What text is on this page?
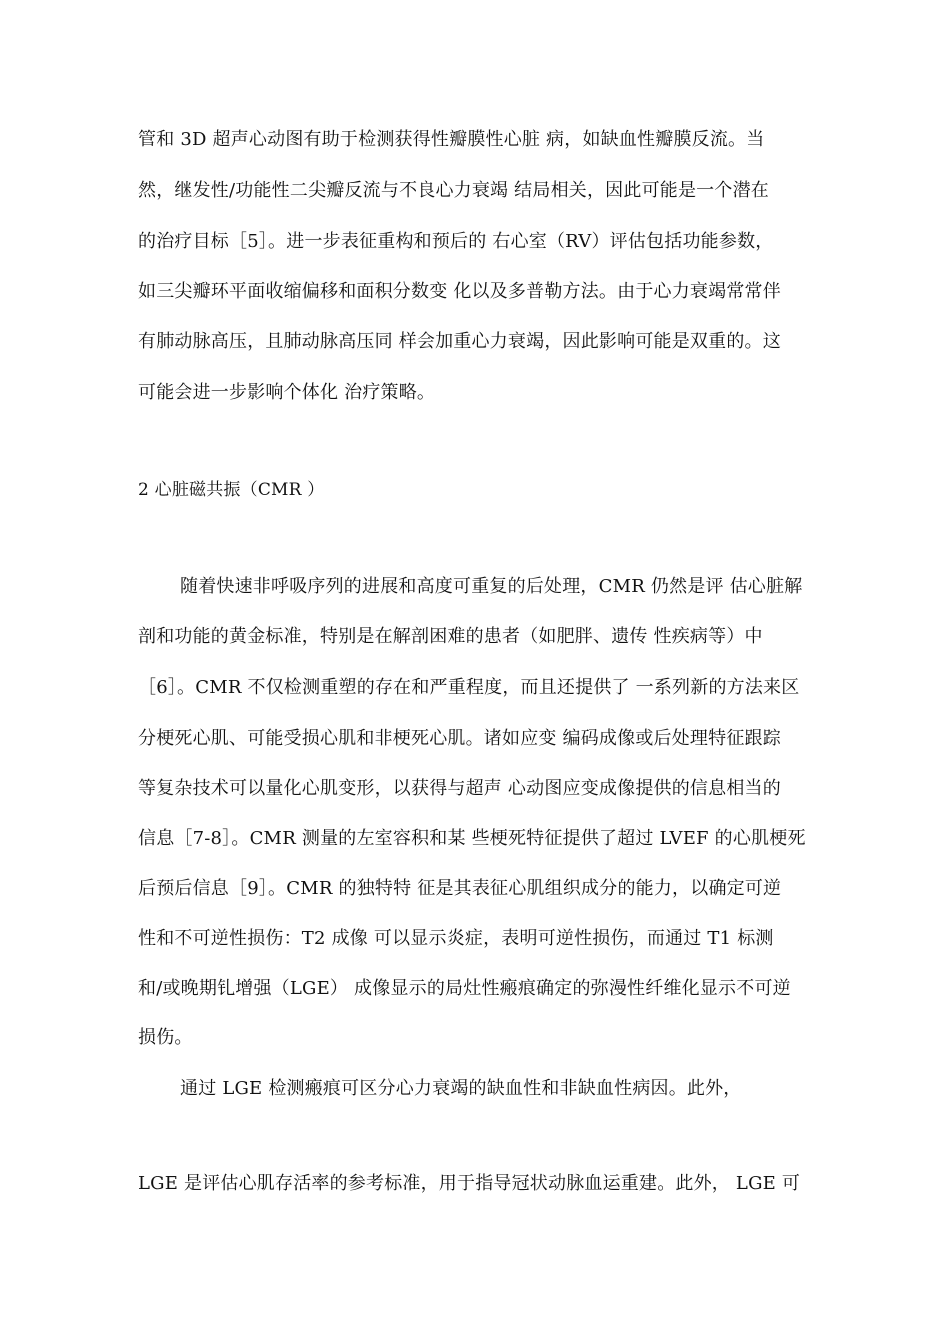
管和 3D 超声心动图有助于检测获得性瓣膜性心脏 病，如缺血性瓣膜反流。当
然，继发性/功能性二尖瓣反流与不良心力衰竭 结局相关，因此可能是一个潜在
的治疗目标［5］。进一步表征重构和预后的 右心室（RV）评估包括功能参数，
如三尖瓣环平面收缩偏移和面积分数变 化以及多普勒方法。由于心力衰竭常常伴
有肺动脉高压，且肺动脉高压同 样会加重心力衰竭，因此影响可能是双重的。这
可能会进一步影响个体化 治疗策略。
2 心脏磁共振（CMR ）
随着快速非呼吸序列的进展和高度可重复的后处理，CMR 仍然是评 估心脏解
剖和功能的黄金标准，特别是在解剖困难的患者（如肥胖、遗传 性疾病等）中
［6］。CMR 不仅检测重塑的存在和严重程度，而且还提供了 一系列新的方法来区
分梗死心肌、可能受损心肌和非梗死心肌。诸如应变 编码成像或后处理特征跟踪
等复杂技术可以量化心肌变形，以获得与超声 心动图应变成像提供的信息相当的
信息［7-8］。CMR 测量的左室容积和某 些梗死特征提供了超过 LVEF 的心肌梗死
后预后信息［9］。CMR 的独特特 征是其表征心肌组织成分的能力，以确定可逆
性和不可逆性损伤：T2 成像 可以显示炎症，表明可逆性损伤，而通过 T1 标测
和/或晚期钆增强（LGE） 成像显示的局灶性瘢痕确定的弥漫性纤维化显示不可逆
损伤。
通过 LGE 检测瘢痕可区分心力衰竭的缺血性和非缺血性病因。此外，
LGE 是评估心肌存活率的参考标准，用于指导冠状动脉血运重建。此外， LGE 可
